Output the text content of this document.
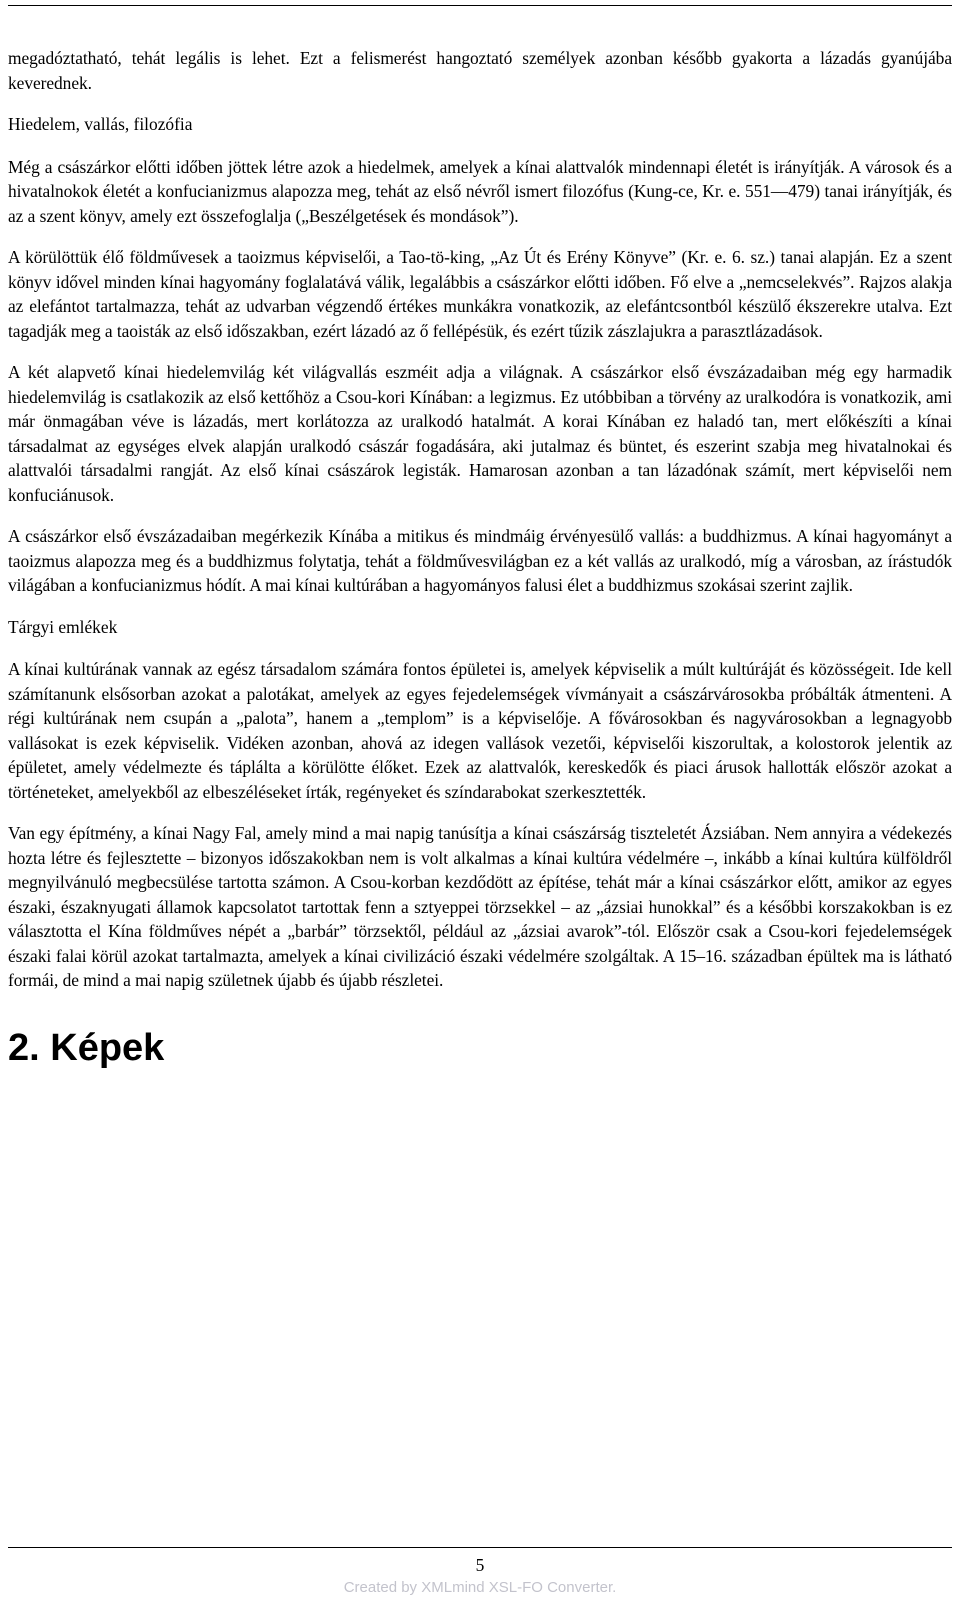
megadóztatható, tehát legális is lehet. Ezt a felismerést hangoztató személyek azonban később gyakorta a lázadás gyanújába keverednek.

Hiedelem, vallás, filozófia

Még a császárkor előtti időben jöttek létre azok a hiedelmek, amelyek a kínai alattvalók mindennapi életét is irányítják. A városok és a hivatalnokok életét a konfucianizmus alapozza meg, tehát az első névről ismert filozófus (Kung-ce, Kr. e. 551—479) tanai irányítják, és az a szent könyv, amely ezt összefoglalja („Beszélgetések és mondások”).

A körülöttük élő földművesek a taoizmus képviselői, a Tao-tö-king, „Az Út és Erény Könyve” (Kr. e. 6. sz.) tanai alapján. Ez a szent könyv idővel minden kínai hagyomány foglalatává válik, legalábbis a császárkor előtti időben. Fő elve a „nemcselekvés”. Rajzos alakja az elefántot tartalmazza, tehát az udvarban végzendő értékes munkákra vonatkozik, az elefántcsontból készülő ékszerekre utalva. Ezt tagadják meg a taoisták az első időszakban, ezért lázadó az ő fellépésük, és ezért tűzik zászlajukra a parasztlázadások.

A két alapvető kínai hiedelemvilág két világvallás eszméit adja a világnak. A császárkor első évszázadaiban még egy harmadik hiedelemvilág is csatlakozik az első kettőhöz a Csou-kori Kínában: a legizmus. Ez utóbbiban a törvény az uralkodóra is vonatkozik, ami már önmagában véve is lázadás, mert korlátozza az uralkodó hatalmát. A korai Kínában ez haladó tan, mert előkészíti a kínai társadalmat az egységes elvek alapján uralkodó császár fogadására, aki jutalmaz és büntet, és eszerint szabja meg hivatalnokai és alattvalói társadalmi rangját. Az első kínai császárok legisták. Hamarosan azonban a tan lázadónak számít, mert képviselői nem konfuciánusok.

A császárkor első évszázadaiban megérkezik Kínába a mitikus és mindmáig érvényesülő vallás: a buddhizmus. A kínai hagyományt a taoizmus alapozza meg és a buddhizmus folytatja, tehát a földművesvilágban ez a két vallás az uralkodó, míg a városban, az írástudók világában a konfucianizmus hódít. A mai kínai kultúrában a hagyományos falusi élet a buddhizmus szokásai szerint zajlik.

Tárgyi emlékek

A kínai kultúrának vannak az egész társadalom számára fontos épületei is, amelyek képviselik a múlt kultúráját és közösségeit. Ide kell számítanunk elsősorban azokat a palotákat, amelyek az egyes fejedelemségek vívmányait a császárvárosokba próbálták átmenteni. A régi kultúrának nem csupán a „palota”, hanem a „templom” is a képviselője. A fővárosokban és nagyvárosokban a legnagyobb vallásokat is ezek képviselik. Vidéken azonban, ahová az idegen vallások vezetői, képviselői kiszorultak, a kolostorok jelentik az épületet, amely védelmezte és táplálta a körülötte élőket. Ezek az alattvalók, kereskedők és piaci árusok hallották először azokat a történeteket, amelyekből az elbeszéléseket írták, regényeket és színdarabokat szerkesztették.

Van egy építmény, a kínai Nagy Fal, amely mind a mai napig tanúsítja a kínai császárság tiszteletét Ázsiában. Nem annyira a védekezés hozta létre és fejlesztette – bizonyos időszakokban nem is volt alkalmas a kínai kultúra védelmére –, inkább a kínai kultúra külföldről megnyilvánuló megbecsülése tartotta számon. A Csou-korban kezdődött az építése, tehát már a kínai császárkor előtt, amikor az egyes északi, északnyugati államok kapcsolatot tartottak fenn a sztyeppei törzsekkel – az „ázsiai hunokkal” és a későbbi korszakokban is ez választotta el Kína földműves népét a „barbár” törzsektől, például az „ázsiai avarok”-tól. Először csak a Csou-kori fejedelemségek északi falai körül azokat tartalmazta, amelyek a kínai civilizáció északi védelmére szolgáltak. A 15–16. században épültek ma is látható formái, de mind a mai napig születnek újabb és újabb részletei.

2. Képek
5
Created by XMLmind XSL-FO Converter.
